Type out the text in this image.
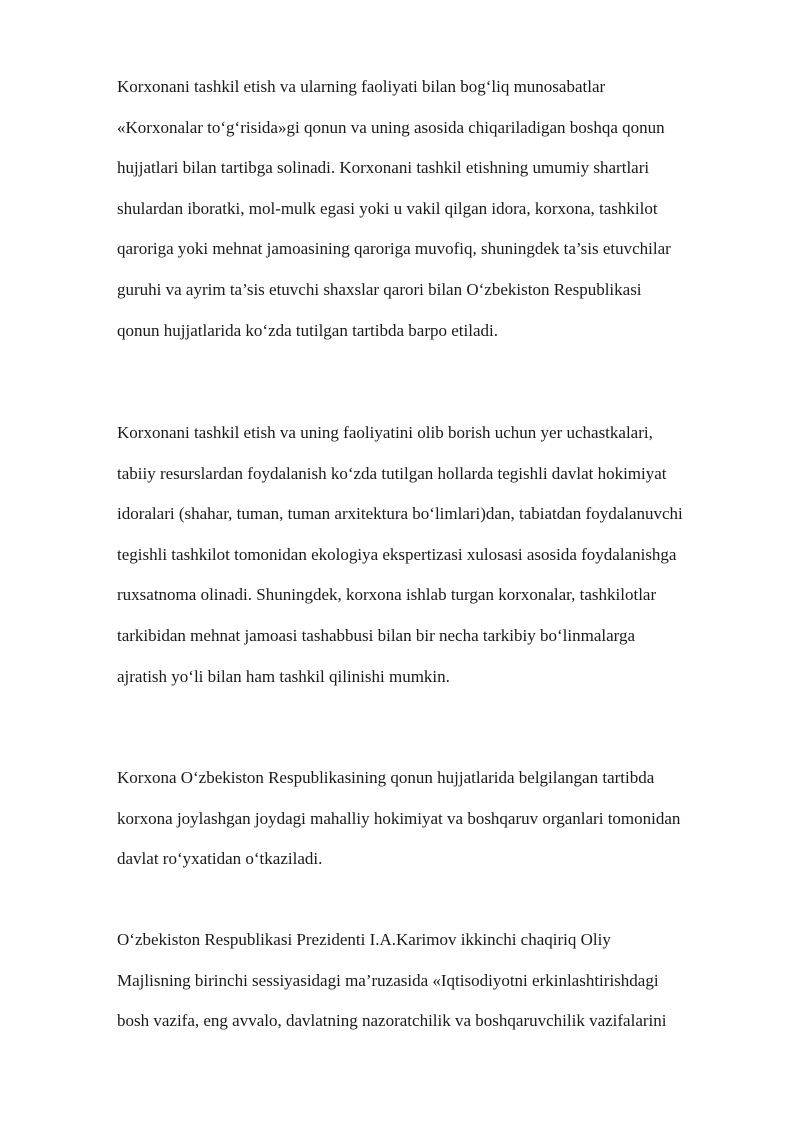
Korxonani tashkil etish va ularning faoliyati bilan bog‘liq munosabatlar
«Korxonalar to‘g‘risida»gi qonun va uning asosida chiqariladigan boshqa qonun
hujjatlari bilan tartibga solinadi. Korxonani tashkil etishning umumiy shartlari
shulardan iboratki, mol-mulk egasi yoki u vakil qilgan idora, korxona, tashkilot
qaroriga yoki mehnat jamoasining qaroriga muvofiq, shuningdek ta’sis etuvchilar
guruhi va ayrim ta’sis etuvchi shaxslar qarori bilan O‘zbekiston Respublikasi
qonun hujjatlarida ko‘zda tutilgan tartibda barpo etiladi.

Korxonani tashkil etish va uning faoliyatini olib borish uchun yer uchastkalari,
tabiiy resurslardan foydalanish ko‘zda tutilgan hollarda tegishli davlat hokimiyat
idoralari (shahar, tuman, tuman arxitektura bo‘limlari)dan, tabiatdan foydalanuvchi
tegishli tashkilot tomonidan ekologiya ekspertizasi xulosasi asosida foydalanishga
ruxsatnoma olinadi. Shuningdek, korxona ishlab turgan korxonalar, tashkilotlar
tarkibidan mehnat jamoasi tashabbusi bilan bir necha tarkibiy bo‘linmalarga
ajratish yo‘li bilan ham tashkil qilinishi mumkin.

Korxona O‘zbekiston Respublikasining qonun hujjatlarida belgilangan tartibda
korxona joylashgan joydagi mahalliy hokimiyat va boshqaruv organlari tomonidan
davlat ro‘yxatidan o‘tkaziladi.

O‘zbekiston Respublikasi Prezidenti I.A.Karimov ikkinchi chaqiriq Oliy
Majlisning birinchi sessiyasidagi ma’ruzasida «Iqtisodiyotni erkinlashtirishdagi
bosh vazifa, eng avvalo, davlatning nazoratchilik va boshqaruvchilik vazifalarini
